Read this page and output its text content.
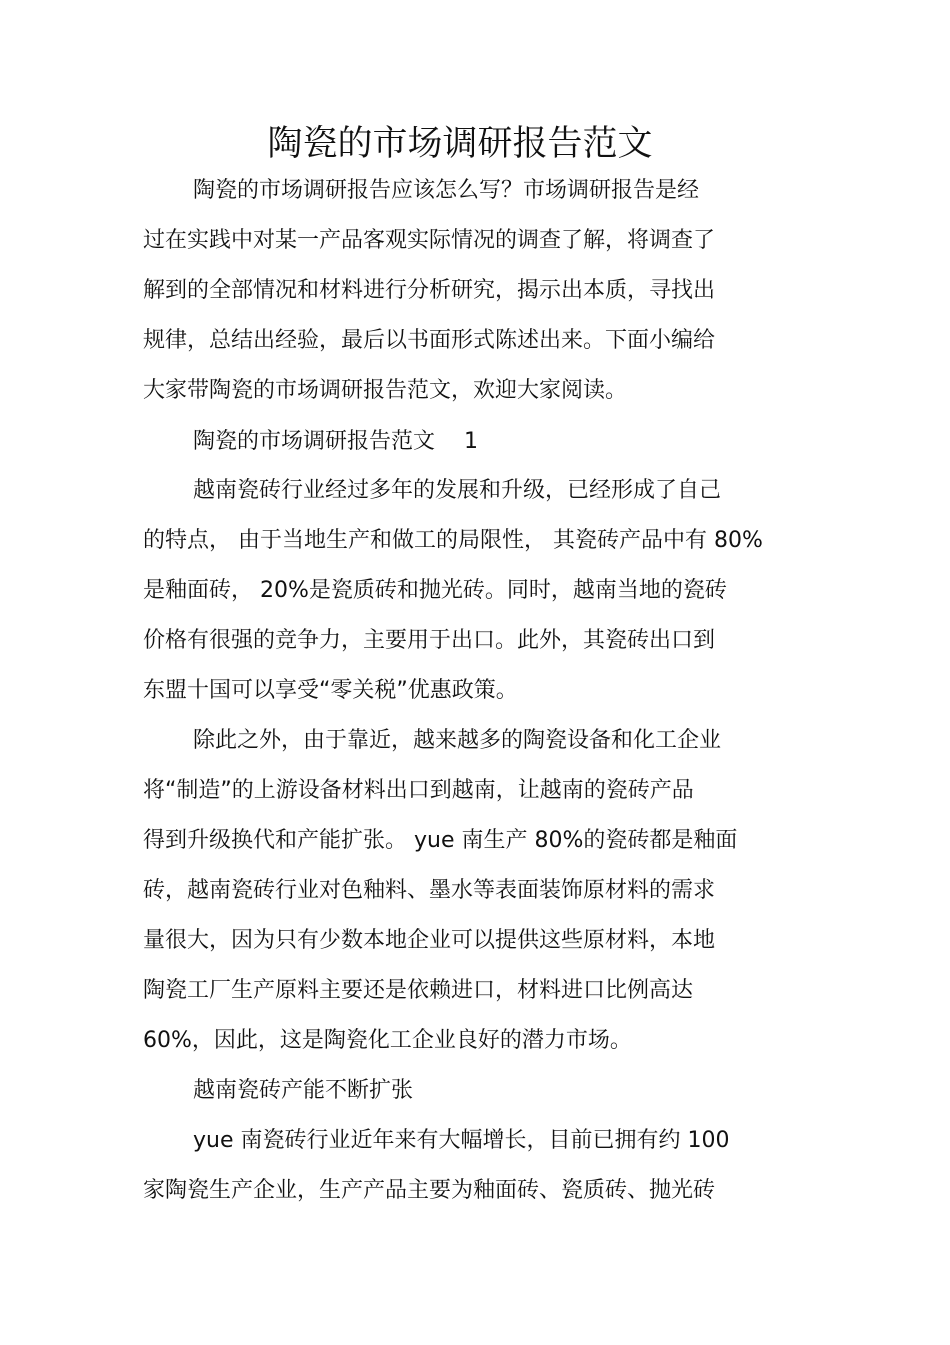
陶瓷的市场调研报告范文
陶瓷的市场调研报告应该怎么写？市场调研报告是经
过在实践中对某一产品客观实际情况的调查了解，将调查了
解到的全部情况和材料进行分析研究，揭示出本质，寻找出
规律，总结出经验，最后以书面形式陈述出来。下面小编给
大家带陶瓷的市场调研报告范文，欢迎大家阅读。
陶瓷的市场调研报告范文　 1
越南瓷砖行业经过多年的发展和升级，已经形成了自己
的特点， 由于当地生产和做工的局限性， 其瓷砖产品中有 80%
是釉面砖， 20%是瓷质砖和抛光砖。同时，越南当地的瓷砖
价格有很强的竞争力，主要用于出口。此外，其瓷砖出口到
东盟十国可以享受“零关税”优惠政策。
除此之外，由于靠近，越来越多的陶瓷设备和化工企业
将“制造”的上游设备材料出口到越南，让越南的瓷砖产品
得到升级换代和产能扩张。 yue 南生产 80%的瓷砖都是釉面
砖，越南瓷砖行业对色釉料、墨水等表面装饰原材料的需求
量很大，因为只有少数本地企业可以提供这些原材料，本地
陶瓷工厂生产原料主要还是依赖进口，材料进口比例高达
60%，因此，这是陶瓷化工企业良好的潜力市场。
越南瓷砖产能不断扩张
yue 南瓷砖行业近年来有大幅增长，目前已拥有约 100
家陶瓷生产企业，生产产品主要为釉面砖、瓷质砖、抛光砖
